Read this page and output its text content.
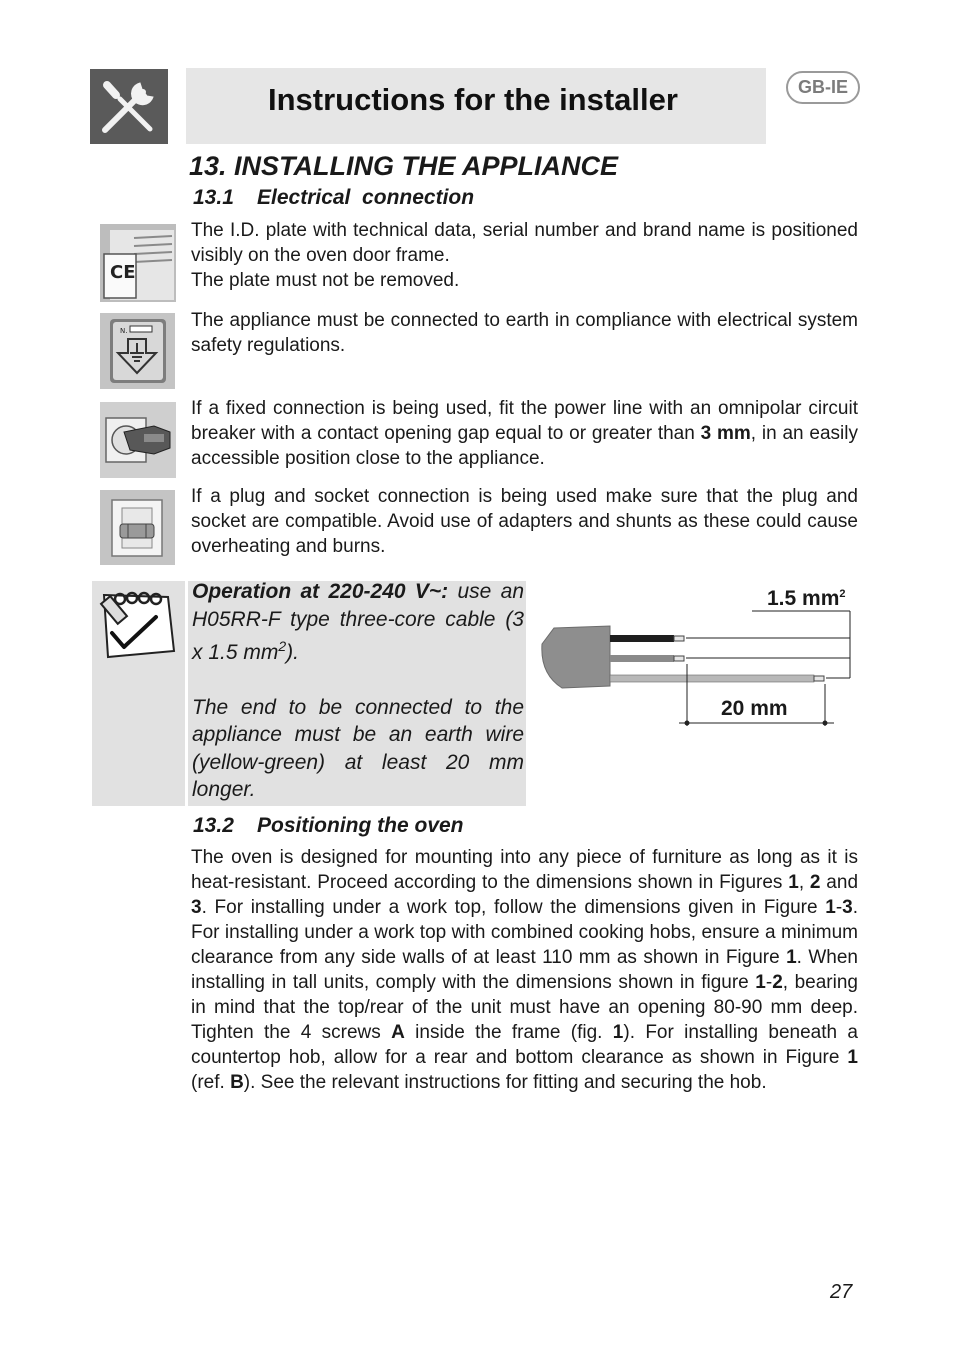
Instructions for the installer	GB-IE
13. INSTALLING THE APPLIANCE
13.1 Electrical  connection
CE

The I.D. plate with technical data, serial number and brand name is positioned visibly on the oven door frame.

The plate must not be removed.

N.	The appliance must be connected to earth in compliance with electrical system safety regulations.

If a fixed connection is being used, fit the power line with an omnipolar circuit breaker with a contact opening gap equal to or greater than 3 mm, in an easily accessible position close to the appliance.

If a plug and socket connection is being used make sure that the plug and socket are compatible. Avoid use of adapters and shunts as these could cause overheating and burns.

Operation at 220-240 V~: use an H05RR-F type three-core cable (3 x 1.5 $mm^2$).

The end to be connected to the appliance must be an earth wire (yellow-green) at least 20 mm longer.

1.5 $mm^2$
20 mm
13.2 Positioning the oven

The oven is designed for mounting into any piece of furniture as long as it is heat-resistant. Proceed according to the dimensions shown in Figures 1, 2 and 3. For installing under a work top, follow the dimensions given in Figure 1-3. For installing under a work top with combined cooking hobs, ensure a minimum clearance from any side walls of at least 110 mm as shown in Figure 1. When installing in tall units, comply with the dimensions shown in figure 1-2, bearing in mind that the top/rear of the unit must have an opening 80-90 mm deep. Tighten the 4 screws A inside the frame (fig. 1). For installing beneath a countertop hob, allow for a rear and bottom clearance as shown in Figure 1 (ref. B). See the relevant instructions for fitting and securing the hob.

27
